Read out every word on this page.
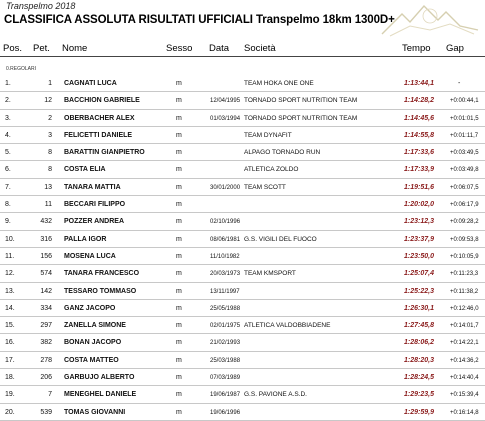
Transpelmo 2018
CLASSIFICA ASSOLUTA RISULTATI UFFICIALI Transpelmo 18km 1300D+
Pos. Pet. Nome	Sesso Data Società	Tempo Gap
0.REGOLARI
1.	1 CAGNATI LUCA	m	TEAM HOKA ONE ONE	1:13:44,1	-
2.	12 BACCHION GABRIELE	m	12/04/1995 TORNADO SPORT NUTRITION TEAM	1:14:28,2	+0:00:44,1
3.	2 OBERBACHER ALEX	m	01/03/1994 TORNADO SPORT NUTRITION TEAM	1:14:45,6	+0:01:01,5
4.	3 FELICETTI DANIELE	m	TEAM DYNAFIT	1:14:55,8	+0:01:11,7
5.	8 BARATTIN GIANPIETRO	m	ALPAGO TORNADO RUN	1:17:33,6	+0:03:49,5
6.	8 COSTA ELIA	m	ATLETICA ZOLDO	1:17:33,9	+0:03:49,8
7.	13 TANARA MATTIA	m	30/01/2000 TEAM SCOTT	1:19:51,6	+0:06:07,5
8.	11 BECCARI FILIPPO	m	1:20:02,0	+0:06:17,9
9.	432 POZZER ANDREA	m	02/10/1996	1:23:12,3	+0:09:28,2
10.	316 PALLA IGOR	m	08/06/1981 G.S. VIGILI DEL FUOCO	1:23:37,9	+0:09:53,8
11.	156 MOSENA LUCA	m	11/10/1982	1:23:50,0	+0:10:05,9
12.	574 TANARA FRANCESCO	m	20/03/1973 TEAM KMSPORT	1:25:07,4	+0:11:23,3
13.	142 TESSARO TOMMASO	m	13/11/1997	1:25:22,3	+0:11:38,2
14.	334 GANZ JACOPO	m	25/05/1988	1:26:30,1	+0:12:46,0
15.	297 ZANELLA SIMONE	m	02/01/1975 ATLETICA VALDOBBIADENE	1:27:45,8	+0:14:01,7
16.	382 BONAN JACOPO	m	21/02/1993	1:28:06,2	+0:14:22,1
17.	278 COSTA MATTEO	m	25/03/1988	1:28:20,3	+0:14:36,2
18.	206 GARBUJO ALBERTO	m	07/03/1989	1:28:24,5	+0:14:40,4
19.	7 MENEGHEL DANIELE	m	19/06/1987 G.S. PAVIONE A.S.D.	1:29:23,5	+0:15:39,4
20.	539 TOMAS GIOVANNI	m	19/06/1996	1:29:59,9	+0:16:14,8
